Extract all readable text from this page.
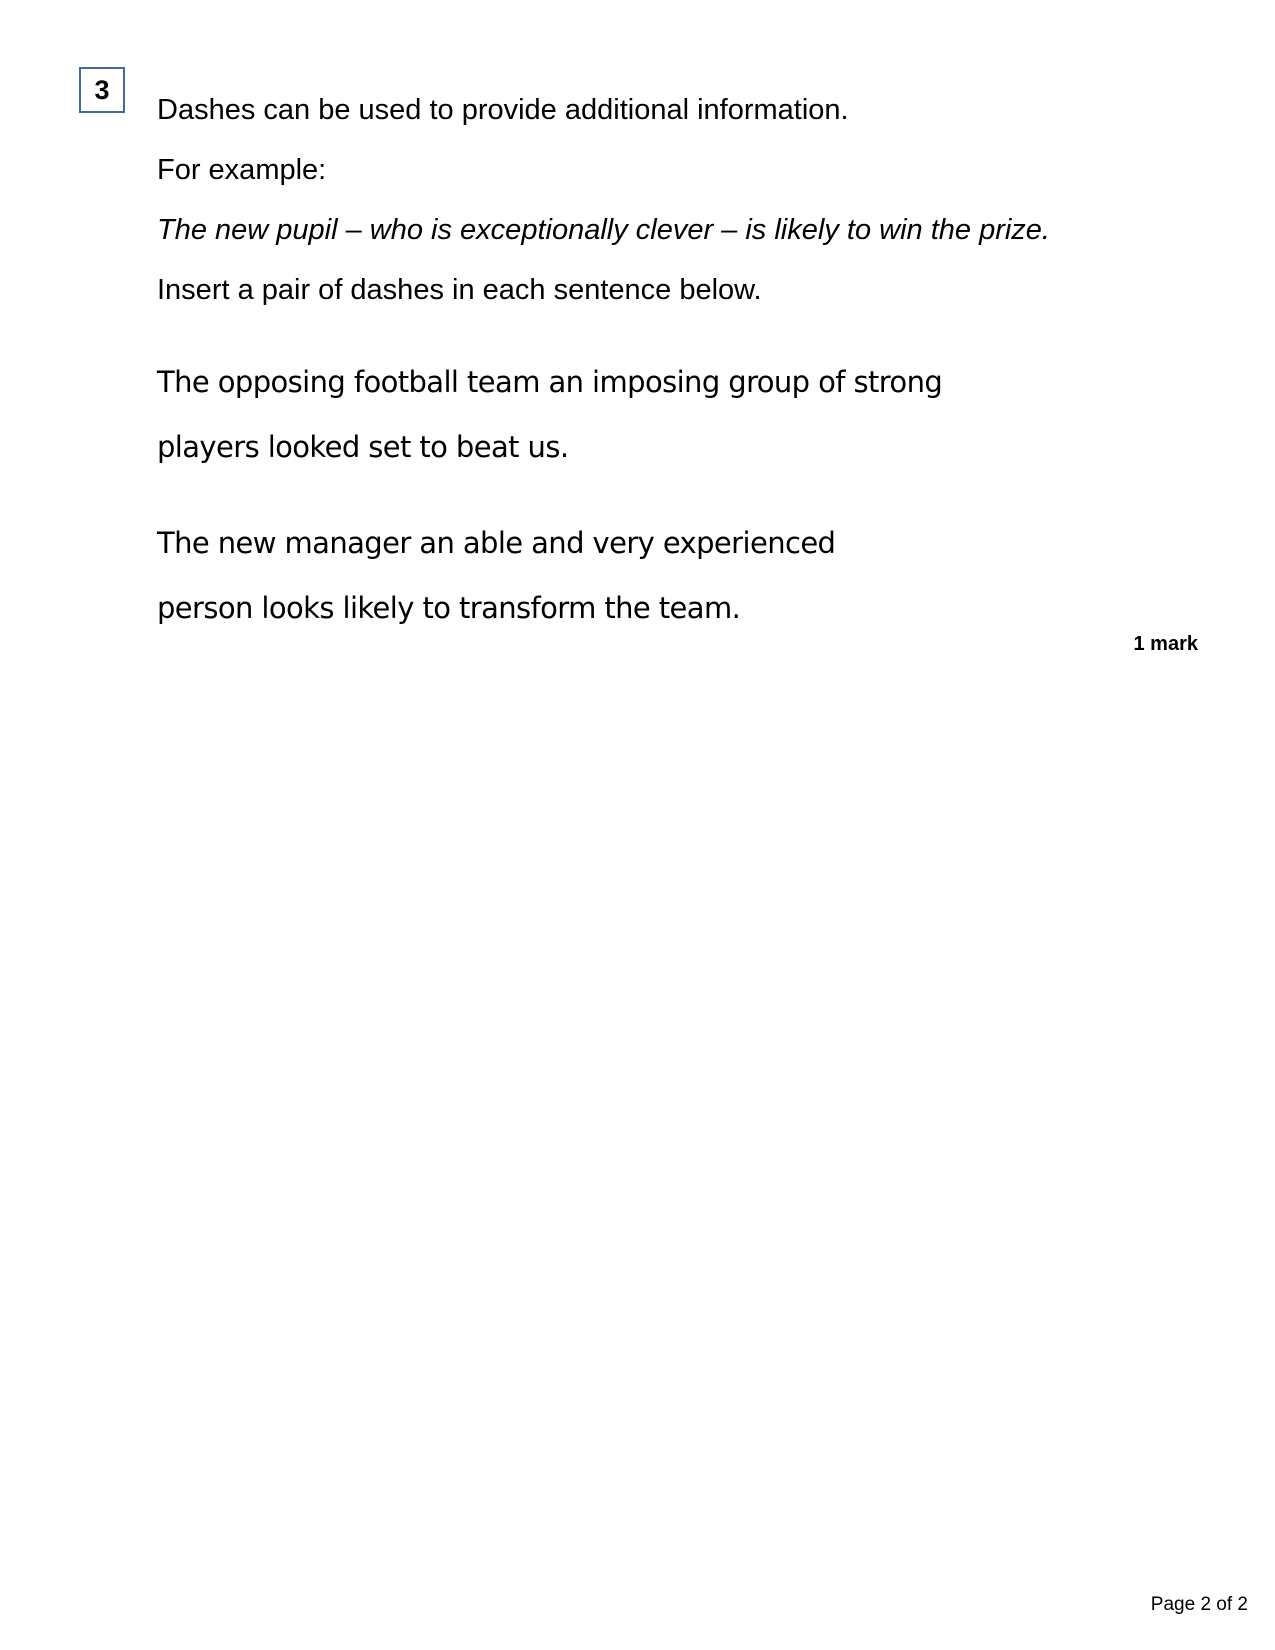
3
Dashes can be used to provide additional information.
For example:
The new pupil – who is exceptionally clever – is likely to win the prize.
Insert a pair of dashes in each sentence below.
The opposing football team an imposing group of strong
players looked set to beat us.
The new manager an able and very experienced
person looks likely to transform the team.
1 mark
Page 2 of 2
